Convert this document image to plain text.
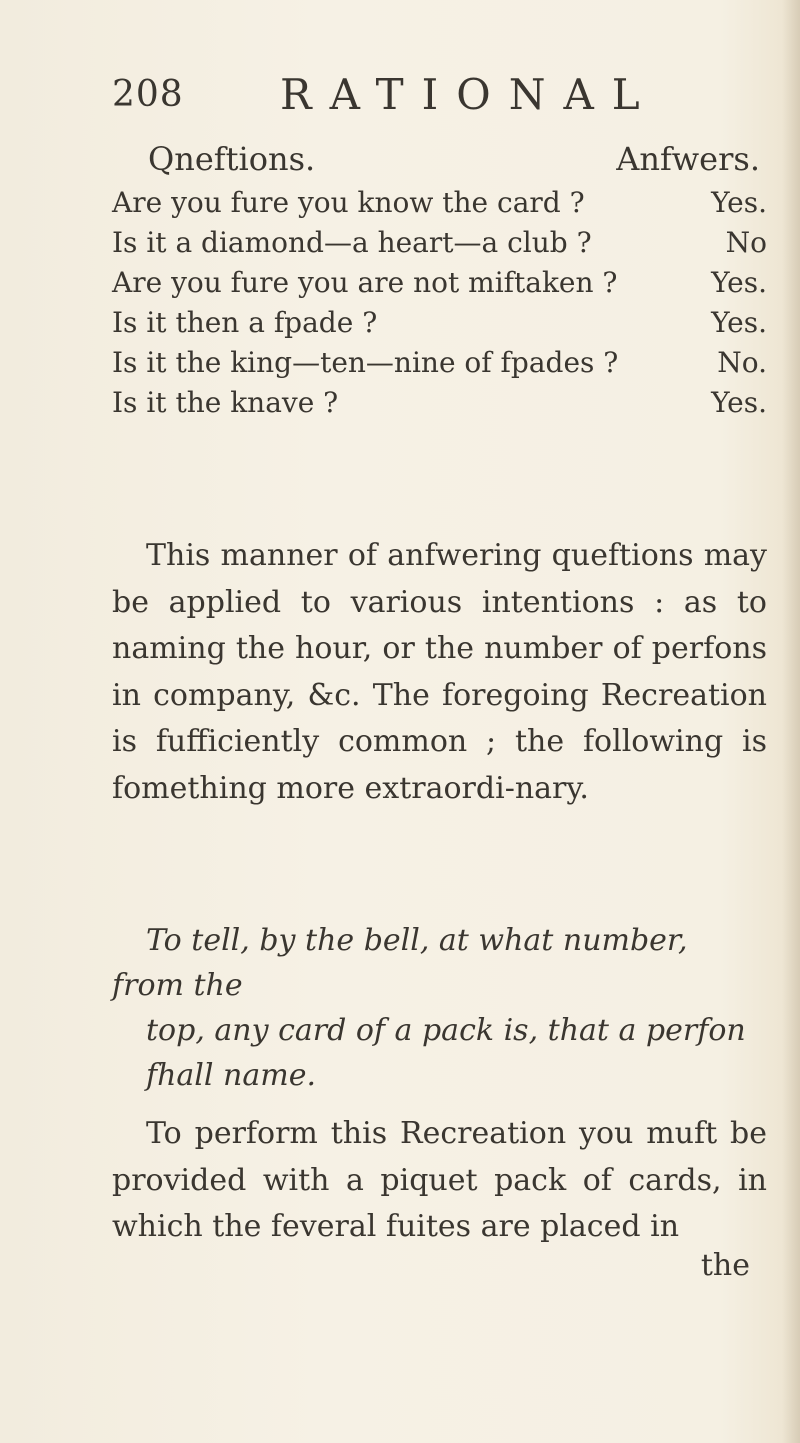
208 RATIONAL
Qneftions.	Anfwers.
Are you fure you know the card ?	Yes.
Is it a diamond—a heart—a club ?	No
Are you fure you are not miftaken ?	Yes.
Is it then a fpade ?	Yes.
Is it the king—ten—nine of fpades ?	No.
Is it the knave ?	Yes.

This manner of anfwering queftions may be applied to various intentions : as to naming the hour, or the number of perfons in company, &c. The foregoing Recreation is fufficiently common ; the following is fomething more extraordi-nary.

To tell, by the bell, at what number, from the
top, any card of a pack is, that a perfon
fhall name.

To perform this Recreation you muft be provided with a piquet pack of cards, in which the feveral fuites are placed in

the
